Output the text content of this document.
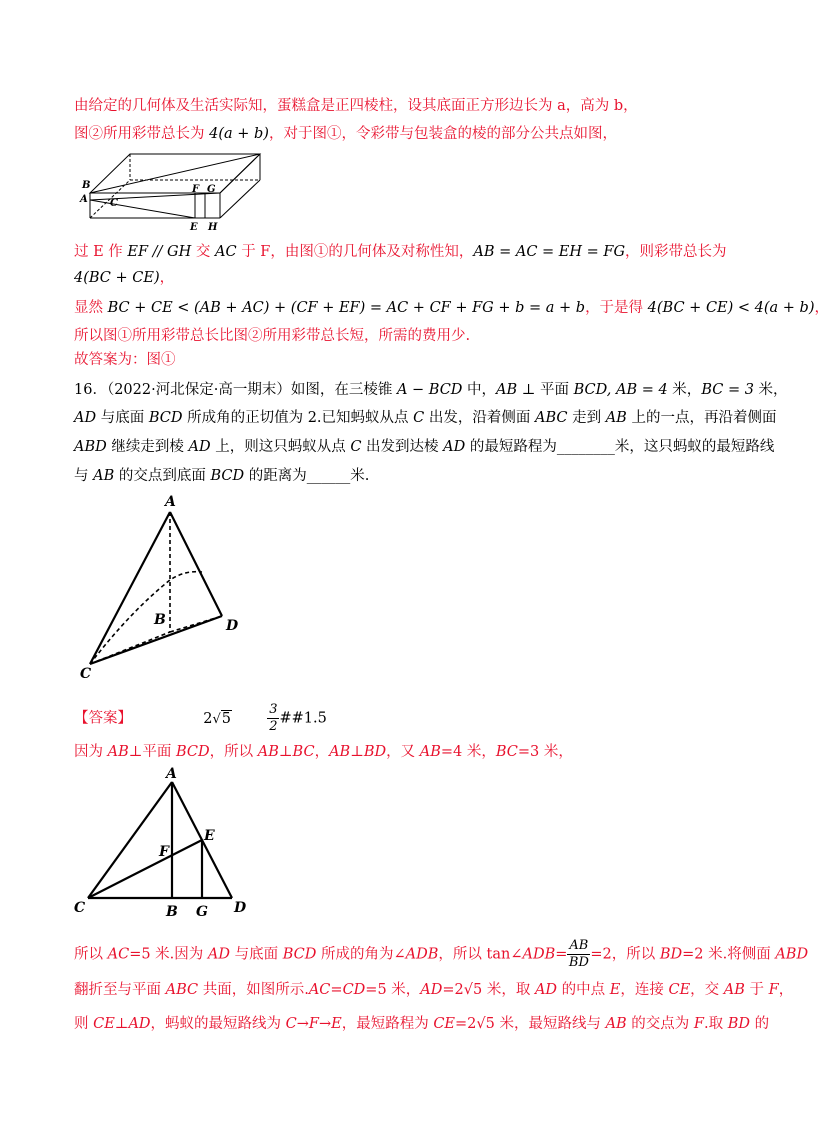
由给定的几何体及生活实际知，蛋糕盒是正四棱柱，设其底面正方形边长为 a，高为 b，
图②所用彩带总长为 4(a + b)，对于图①，令彩带与包装盒的棱的部分公共点如图，
B
A C
F G
E H
过 E 作 EF // GH 交 AC 于 F，由图①的几何体及对称性知，AB = AC = EH = FG，则彩带总长为
4(BC + CE)，
显然 BC + CE < (AB + AC) + (CF + EF) = AC + CF + FG + b = a + b，于是得 4(BC + CE) < 4(a + b)，
所以图①所用彩带总长比图②所用彩带总长短，所需的费用少.
故答案为：图①
16．（2022·河北保定·高一期末）如图，在三棱锥 A − BCD 中，AB ⊥ 平面 BCD, AB = 4 米，BC = 3 米，
AD 与底面 BCD 所成角的正切值为 2.已知蚂蚁从点 C 出发，沿着侧面 ABC 走到 AB 上的一点，再沿着侧面
ABD 继续走到棱 AD 上，则这只蚂蚁从点 C 出发到达棱 AD 的最短路程为________米，这只蚂蚁的最短路线
与 AB 的交点到底面 BCD 的距离为______米.
A
B
C
D
【答案】	2√5	$\frac{3}{2}$ ##1.5
因为 AB⊥平面 BCD，所以 AB⊥BC，AB⊥BD，又 AB=4 米，BC=3 米，
A
E
F
C	B G D
所以 AC=5 米.因为 AD 与底面 BCD 所成的角为∠ADB，所以 tan∠ADB= $\frac{AB}{BD} =2$，所以 BD=2 米.将侧面 ABD
翻折至与平面 ABC 共面，如图所示.AC=CD=5 米，AD=2√5 米，取 AD 的中点 E，连接 CE，交 AB 于 F，
则 CE⊥AD，蚂蚁的最短路线为 C→F→E，最短路程为 CE=2√5 米，最短路线与 AB 的交点为 F.取 BD 的
